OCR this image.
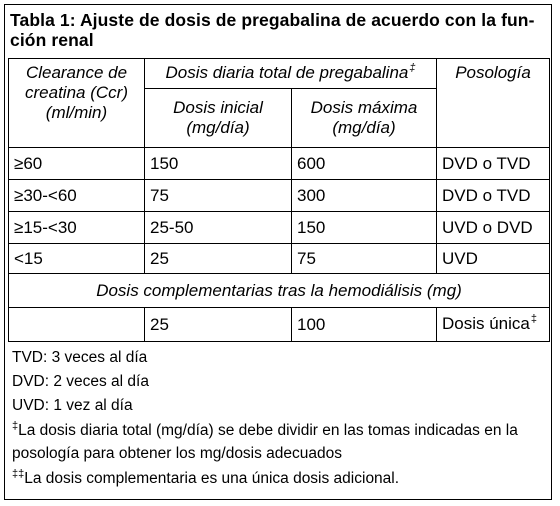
Tabla 1: Ajuste de dosis de pregabalina de acuerdo con la fun-
ción renal
Clearance de creatina (Ccr) (ml/min)	Dosis diaria total de pregabalina‡		Posología
	Dosis inicial (mg/día)	Dosis máxima (mg/día)	
≥60	150	600	DVD o TVD
≥30-<60	75	300	DVD o TVD
≥15-<30	25-50	150	UVD o DVD
<15	25	75	UVD
Dosis complementarias tras la hemodiálisis (mg)			
	25	100	Dosis única‡
TVD: 3 veces al día
DVD: 2 veces al día
UVD: 1 vez al día
‡La dosis diaria total (mg/día) se debe dividir en las tomas indicadas en la posología para obtener los mg/dosis adecuados
‡‡La dosis complementaria es una única dosis adicional.
